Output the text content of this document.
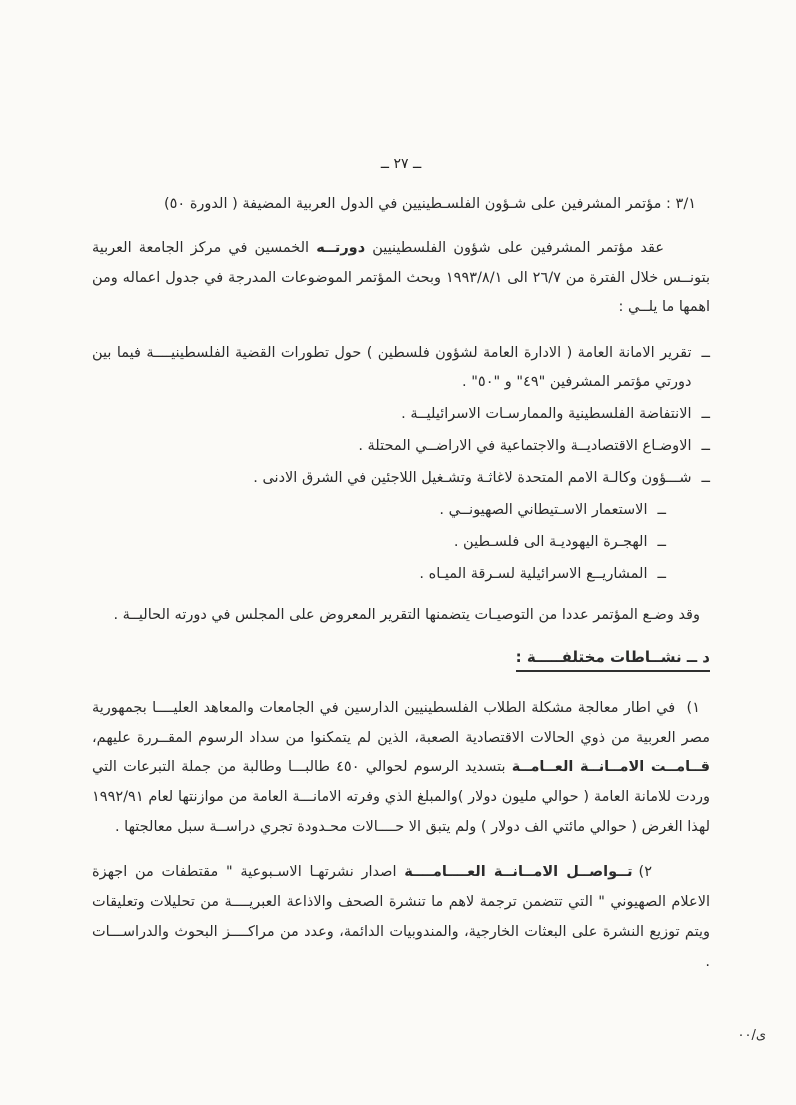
ــ ٢٧ ــ
٣/١ : مؤتمر المشرفين على شـؤون الفلسـطينيين في الدول العربية المضيفة ( الدورة ٥٠)

عقد مؤتمر المشرفين على شؤون الفلسطينيين دورتــه الخمسين في مركز الجامعة العربية بتونــس خلال الفترة من ٢٦/٧ الى ١٩٩٣/٨/١ وبحث المؤتمر الموضوعات المدرجة في جدول اعماله ومن اهمها ما يلــي :

ــ
تقرير الامانة العامة ( الادارة العامة لشؤون فلسطين ) حول تطورات القضية الفلسطينيــــة فيما بين دورتي مؤتمر المشرفين "٤٩" و "٥٠" .
ــ
الانتفاضة الفلسطينية والممارسـات الاسرائيليــة .
ــ
الاوضـاع الاقتصاديــة والاجتماعية في الاراضــي المحتلة .
ــ
شـــؤون وكالـة الامم المتحدة لاغاثـة وتشـغيل اللاجئين في الشرق الادنى .
ــ
الاستعمار الاسـتيطاني الصهيونــي .
ــ
الهجـرة اليهوديـة الى فلسـطين .
ــ
المشاريــع الاسرائيلية لسـرقة الميـاه .

وقد وضـع المؤتمر عددا من التوصيـات يتضمنها التقرير المعروض على المجلس في دورته الحاليــة .

د ــ نشــاطات مختلفـــــة :

١) في اطار معالجة مشكلة الطلاب الفلسطينيين الدارسين في الجامعات والمعاهد العليــــا بجمهورية مصر العربية من ذوي الحالات الاقتصادية الصعبة، الذين لم يتمكنوا من سداد الرسوم المقــررة عليهم، قــامــت الامــانــة العــامــة بتسديد الرسوم لحوالي ٤٥٠ طالبـــا وطالبة من جملة التبرعات التي وردت للامانة العامة ( حوالي مليون دولار )والمبلغ الذي وفرته الامانـــة العامة من موازنتها لعام ١٩٩٢/٩١ لهذا الغرض ( حوالي مائتي الف دولار ) ولم يتبق الا حــــالات محـدودة تجري دراســة سبل معالجتها .

٢)تــواصــل الامــانــة العــــامــــة اصدار نشرتهـا الاسـبوعية " مقتطفات من اجهزة الاعلام الصهيوني " التي تتضمن ترجمة لاهم ما تنشرة الصحف والاذاعة العبريــــة من تحليلات وتعليقات ويتم توزيع النشرة على البعثات الخارجية، والمندوبيات الدائمة، وعدد من مراكــــز البحوث والدراســـات .

ى/٠٠
